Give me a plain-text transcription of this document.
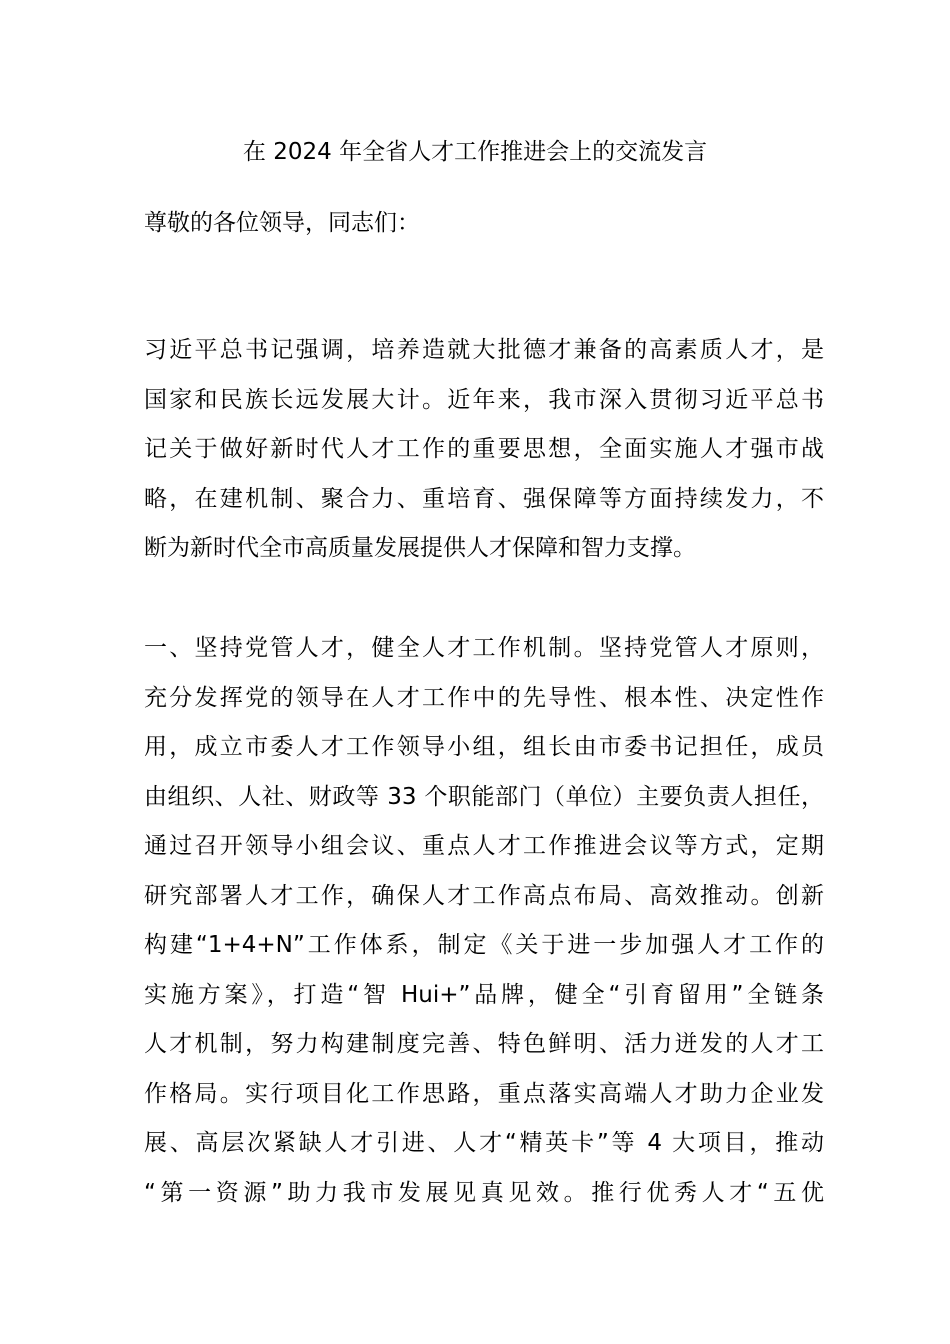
在 2024 年全省人才工作推进会上的交流发言
尊敬的各位领导，同志们：
习近平总书记强调，培养造就大批德才兼备的高素质人才，是
国家和民族长远发展大计。近年来，我市深入贯彻习近平总书
记关于做好新时代人才工作的重要思想，全面实施人才强市战
略，在建机制、聚合力、重培育、强保障等方面持续发力，不
断为新时代全市高质量发展提供人才保障和智力支撑。
一、坚持党管人才，健全人才工作机制。坚持党管人才原则，
充分发挥党的领导在人才工作中的先导性、根本性、决定性作
用，成立市委人才工作领导小组，组长由市委书记担任，成员
由组织、人社、财政等 33 个职能部门（单位）主要负责人担任，
通过召开领导小组会议、重点人才工作推进会议等方式，定期
研究部署人才工作，确保人才工作高点布局、高效推动。创新
构建“1+4+N”工作体系，制定《关于进一步加强人才工作的
实施方案》，打造“智 Hui+”品牌，健全“引育留用”全链条
人才机制，努力构建制度完善、特色鲜明、活力迸发的人才工
作格局。实行项目化工作思路，重点落实高端人才助力企业发
展、高层次紧缺人才引进、人才“精英卡”等 4 大项目，推动
“第一资源”助力我市发展见真见效。推行优秀人才“五优
